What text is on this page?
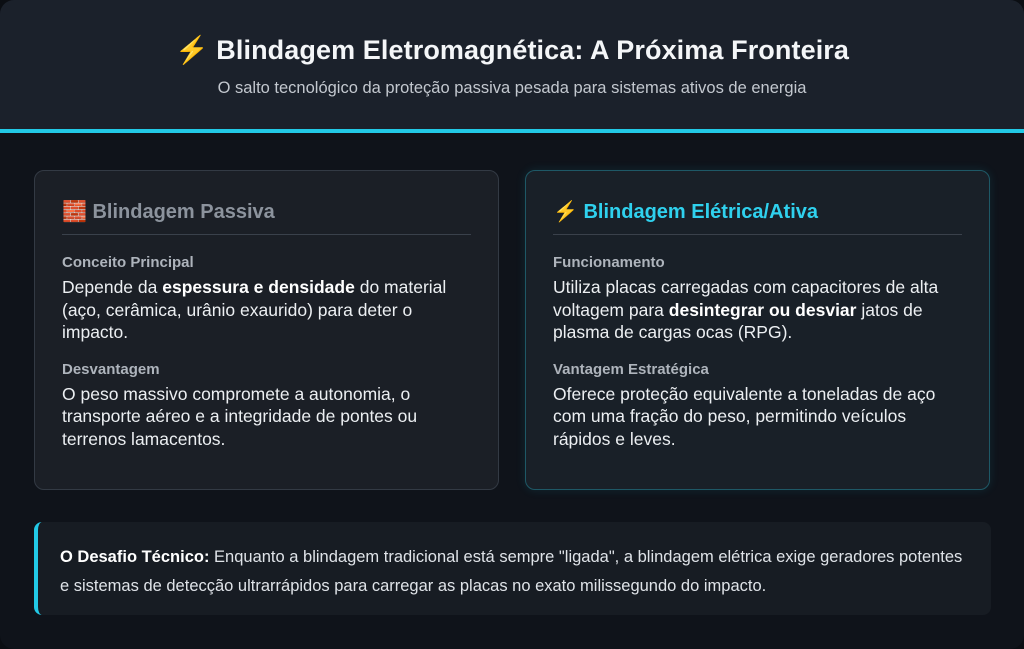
⚡ Blindagem Eletromagnética: A Próxima Fronteira
O salto tecnológico da proteção passiva pesada para sistemas ativos de energia
🧱 Blindagem Passiva
Conceito Principal
Depende da espessura e densidade do material (aço, cerâmica, urânio exaurido) para deter o impacto.
Desvantagem
O peso massivo compromete a autonomia, o transporte aéreo e a integridade de pontes ou terrenos lamacentos.
⚡ Blindagem Elétrica/Ativa
Funcionamento
Utiliza placas carregadas com capacitores de alta voltagem para desintegrar ou desviar jatos de plasma de cargas ocas (RPG).
Vantagem Estratégica
Oferece proteção equivalente a toneladas de aço com uma fração do peso, permitindo veículos rápidos e leves.
O Desafio Técnico: Enquanto a blindagem tradicional está sempre "ligada", a blindagem elétrica exige geradores potentes e sistemas de detecção ultrarrápidos para carregar as placas no exato milissegundo do impacto.
